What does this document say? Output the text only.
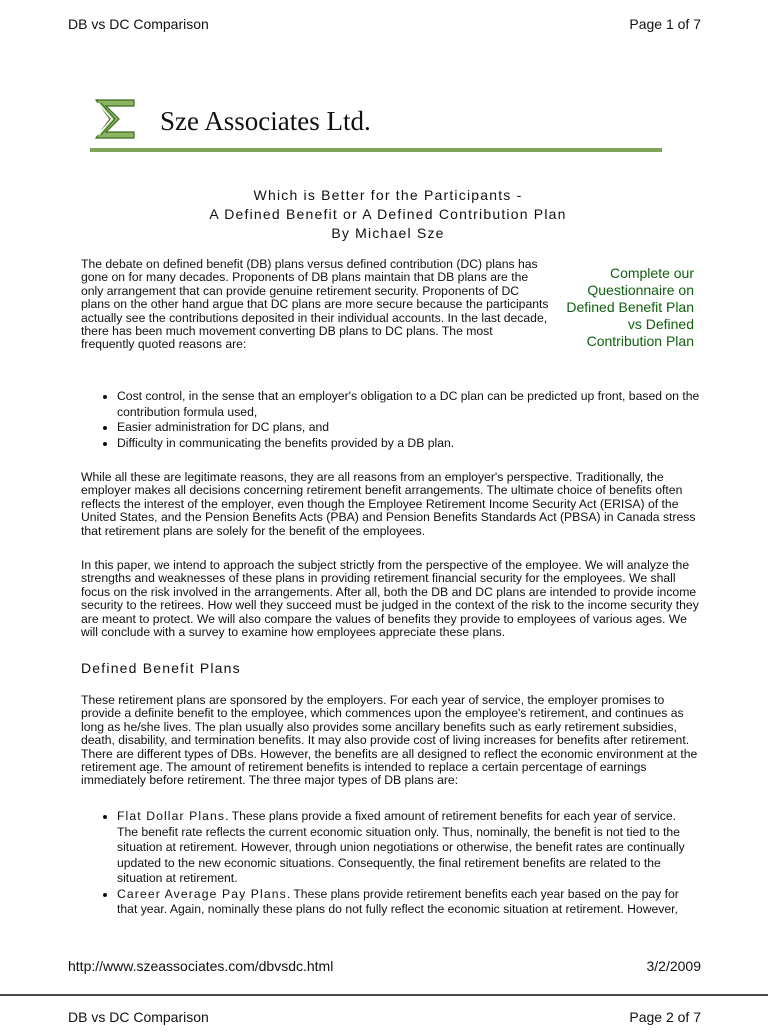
DB vs DC Comparison	Page 1 of 7
Sze Associates Ltd.
Which is Better for the Participants -
A Defined Benefit or A Defined Contribution Plan
By Michael Sze

The debate on defined benefit (DB) plans versus defined contribution (DC) plans has gone on for many decades. Proponents of DB plans maintain that DB plans are the only arrangement that can provide genuine retirement security. Proponents of DC plans on the other hand argue that DC plans are more secure because the participants actually see the contributions deposited in their individual accounts. In the last decade, there has been much movement converting DB plans to DC plans. The most frequently quoted reasons are:

Complete our Questionnaire on Defined Benefit Plan vs Defined Contribution Plan
Cost control, in the sense that an employer's obligation to a DC plan can be predicted up front, based on the contribution formula used,
Easier administration for DC plans, and
Difficulty in communicating the benefits provided by a DB plan.

While all these are legitimate reasons, they are all reasons from an employer's perspective. Traditionally, the employer makes all decisions concerning retirement benefit arrangements. The ultimate choice of benefits often reflects the interest of the employer, even though the Employee Retirement Income Security Act (ERISA) of the United States, and the Pension Benefits Acts (PBA) and Pension Benefits Standards Act (PBSA) in Canada stress that retirement plans are solely for the benefit of the employees.

In this paper, we intend to approach the subject strictly from the perspective of the employee. We will analyze the strengths and weaknesses of these plans in providing retirement financial security for the employees. We shall focus on the risk involved in the arrangements. After all, both the DB and DC plans are intended to provide income security to the retirees. How well they succeed must be judged in the context of the risk to the income security they are meant to protect. We will also compare the values of benefits they provide to employees of various ages. We will conclude with a survey to examine how employees appreciate these plans.

Defined Benefit Plans

These retirement plans are sponsored by the employers. For each year of service, the employer promises to provide a definite benefit to the employee, which commences upon the employee's retirement, and continues as long as he/she lives. The plan usually also provides some ancillary benefits such as early retirement subsidies, death, disability, and termination benefits. It may also provide cost of living increases for benefits after retirement. There are different types of DBs. However, the benefits are all designed to reflect the economic environment at the retirement age. The amount of retirement benefits is intended to replace a certain percentage of earnings immediately before retirement. The three major types of DB plans are:

Flat Dollar Plans. These plans provide a fixed amount of retirement benefits for each year of service. The benefit rate reflects the current economic situation only. Thus, nominally, the benefit is not tied to the situation at retirement. However, through union negotiations or otherwise, the benefit rates are continually updated to the new economic situations. Consequently, the final retirement benefits are related to the situation at retirement.
Career Average Pay Plans. These plans provide retirement benefits each year based on the pay for that year. Again, nominally these plans do not fully reflect the economic situation at retirement. However,
http://www.szeassociates.com/dbvsdc.html	3/2/2009
DB vs DC Comparison	Page 2 of 7
